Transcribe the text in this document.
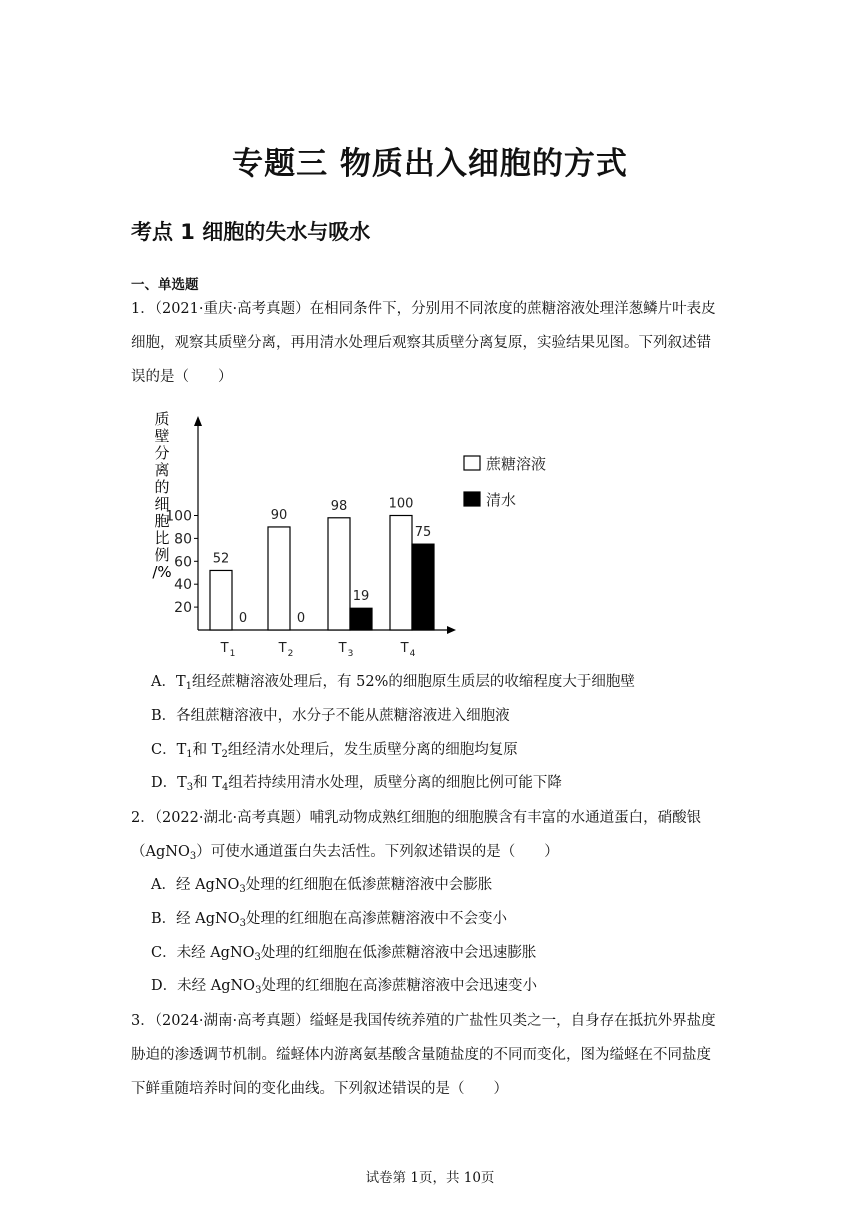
专题三 物质出入细胞的方式
考点 1 细胞的失水与吸水
一、单选题
1．（2021·重庆·高考真题）在相同条件下，分别用不同浓度的蔗糖溶液处理洋葱鳞片叶表皮
细胞，观察其质壁分离，再用清水处理后观察其质壁分离复原，实验结果见图。下列叙述错
误的是（　　）
质
壁
分
离
的
细
胞
比
例
/%
20
40
60
80
100
52
0
90
0
98
19
100
75
$T_1$	$T_2$	$T_3$	$T_4$
蔗糖溶液
清水
A．$T_1$组经蔗糖溶液处理后，有 52%的细胞原生质层的收缩程度大于细胞壁
B．各组蔗糖溶液中，水分子不能从蔗糖溶液进入细胞液
C．$T_1$和 $T_2$组经清水处理后，发生质壁分离的细胞均复原
D．$T_3$和 $T_4$组若持续用清水处理，质壁分离的细胞比例可能下降
2．（2022·湖北·高考真题）哺乳动物成熟红细胞的细胞膜含有丰富的水通道蛋白，硝酸银
（AgNO$_3$）可使水通道蛋白失去活性。下列叙述错误的是（　　）
A．经 AgNO$_3$处理的红细胞在低渗蔗糖溶液中会膨胀
B．经 AgNO$_3$处理的红细胞在高渗蔗糖溶液中不会变小
C．未经 AgNO$_3$处理的红细胞在低渗蔗糖溶液中会迅速膨胀
D．未经 AgNO$_3$处理的红细胞在高渗蔗糖溶液中会迅速变小
3．（2024·湖南·高考真题）缢蛏是我国传统养殖的广盐性贝类之一，自身存在抵抗外界盐度
胁迫的渗透调节机制。缢蛏体内游离氨基酸含量随盐度的不同而变化，图为缢蛏在不同盐度
下鲜重随培养时间的变化曲线。下列叙述错误的是（　　）
试卷第 1页，共 10页
